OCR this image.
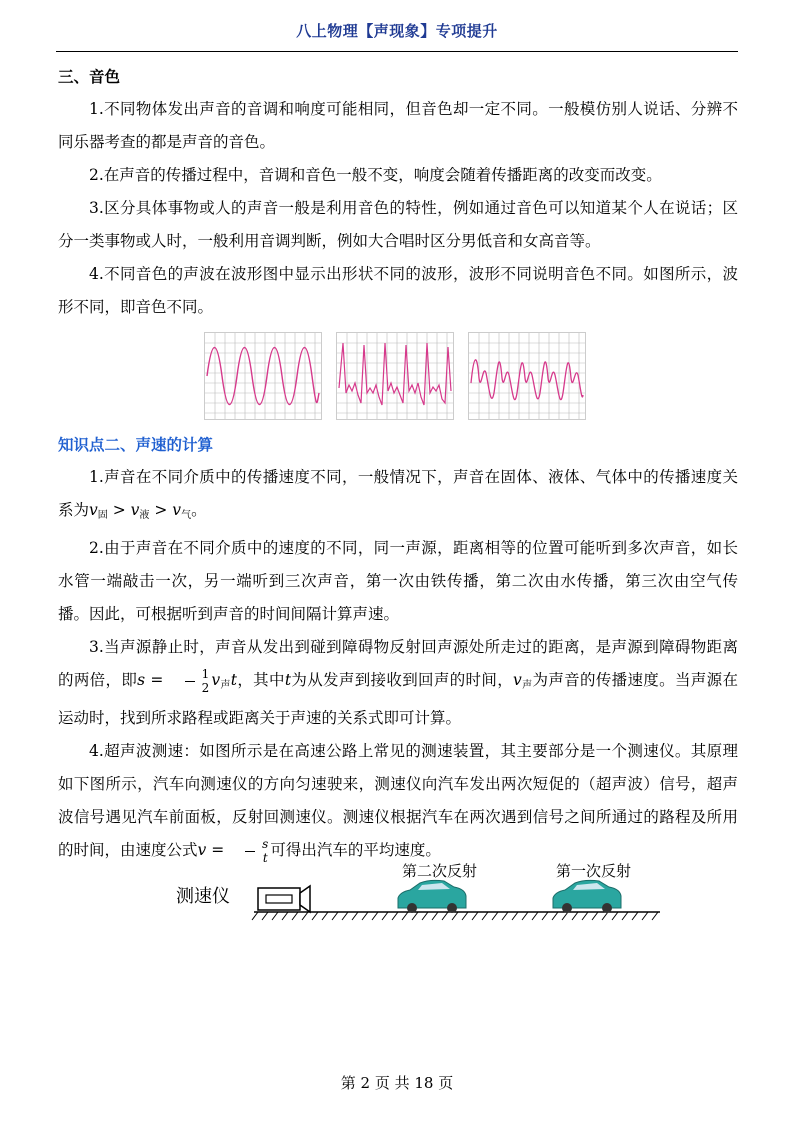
八上物理【声现象】专项提升
三、音色

1.不同物体发出声音的音调和响度可能相同，但音色却一定不同。一般模仿别人说话、分辨不同乐器考查的都是声音的音色。

2.在声音的传播过程中，音调和音色一般不变，响度会随着传播距离的改变而改变。

3.区分具体事物或人的声音一般是利用音色的特性，例如通过音色可以知道某个人在说话；区分一类事物或人时，一般利用音调判断，例如大合唱时区分男低音和女高音等。

4.不同音色的声波在波形图中显示出形状不同的波形，波形不同说明音色不同。如图所示，波形不同，即音色不同。

知识点二、声速的计算

1.声音在不同介质中的传播速度不同，一般情况下，声音在固体、液体、气体中的传播速度关系为$v_固 > v_液 > v_气$。

2.由于声音在不同介质中的速度的不同，同一声源，距离相等的位置可能听到多次声音，如长水管一端敲击一次，另一端听到三次声音，第一次由铁传播，第二次由水传播，第三次由空气传播。因此，可根据听到声音的时间间隔计算声速。

3.当声源静止时，声音从发出到碰到障碍物反射回声源处所走过的距离，是声源到障碍物距离的两倍，即$s = \frac{1}{2} v_声t$，其中t为从发声到接收到回声的时间，$v_声$为声音的传播速度。当声源在运动时，找到所求路程或距离关于声速的关系式即可计算。

4.超声波测速：如图所示是在高速公路上常见的测速装置，其主要部分是一个测速仪。其原理如下图所示，汽车向测速仪的方向匀速驶来，测速仪向汽车发出两次短促的（超声波）信号，超声波信号遇见汽车前面板，反射回测速仪。测速仪根据汽车在两次遇到信号之间所通过的路程及所用的时间，由速度公式$v = \frac{s}{t}$ 可得出汽车的平均速度。

测速仪
第二次反射	第一次反射
第 2 页 共 18 页
